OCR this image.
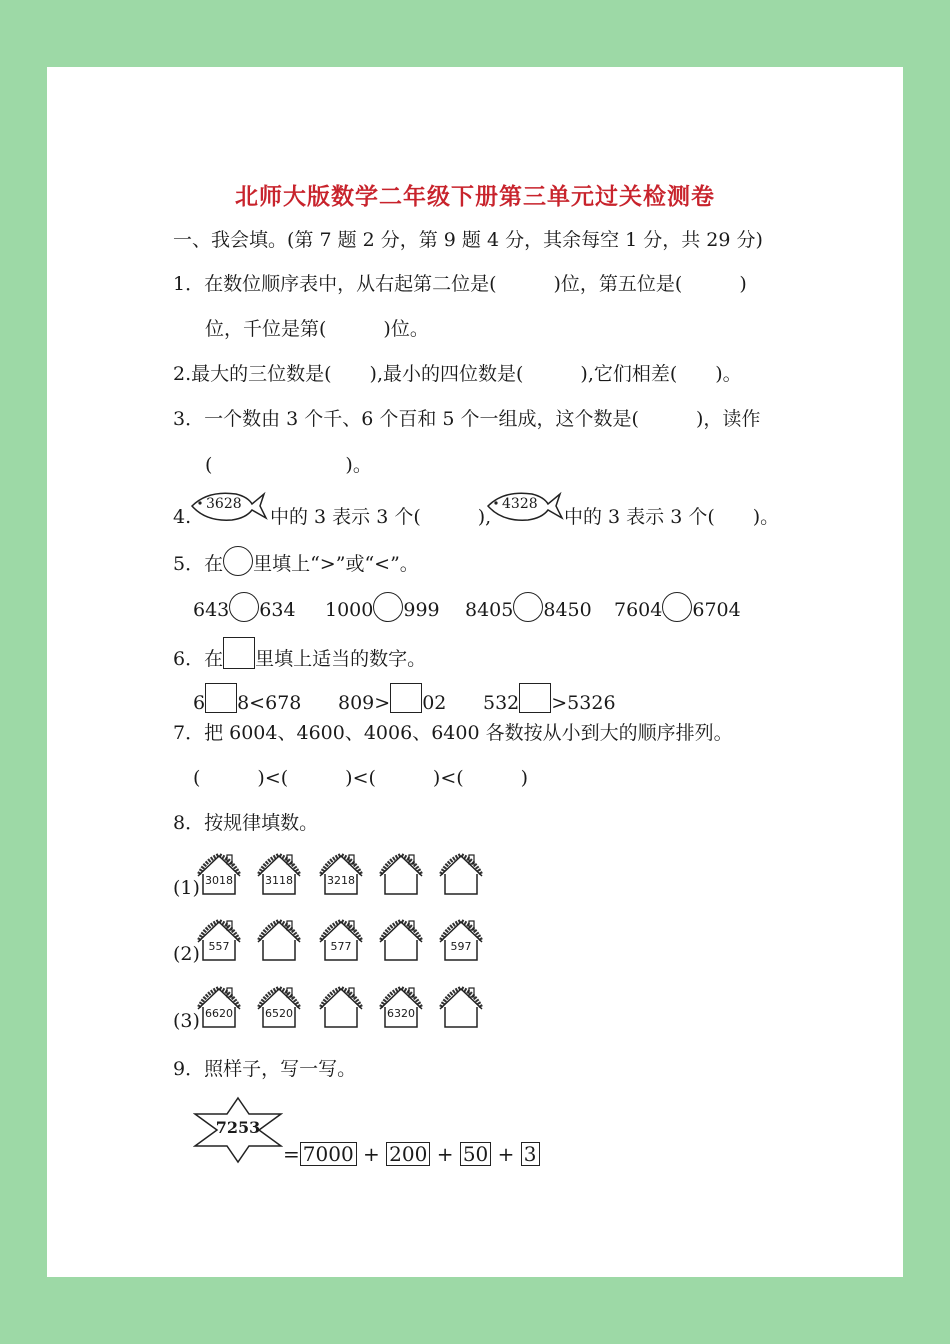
北师大版数学二年级下册第三单元过关检测卷
一、我会填。(第 7 题 2 分，第 9 题 4 分，其余每空 1 分，共 29 分)
1．在数位顺序表中，从右起第二位是(　　　)位，第五位是(　　　)
位，千位是第(　　　)位。
2.最大的三位数是(　　),最小的四位数是(　　　),它们相差(　　)。
3．一个数由 3 个千、6 个百和 5 个一组成，这个数是(　　　)，读作
(　　　　　　　)。
4.
3628
中的 3 表示 3 个(　　　),
4328
中的 3 表示 3 个(　　)。
5．在 里填上“>”或“<”。
643 634 1000 999 8405 8450 7604 6704
6．在 里填上适当的数字。
6 8<678 809> 02 532 >5326
7．把 6004、4600、4006、6400 各数按从小到大的顺序排列。
(　　　)<(　　　)<(　　　)<(　　　)
8．按规律填数。
(1) 3018	3118	3218
(2) 557	577	597
(3) 6620	6520	6320
9．照样子，写一写。
7253
= 7000 + 200 + 50 + 3
